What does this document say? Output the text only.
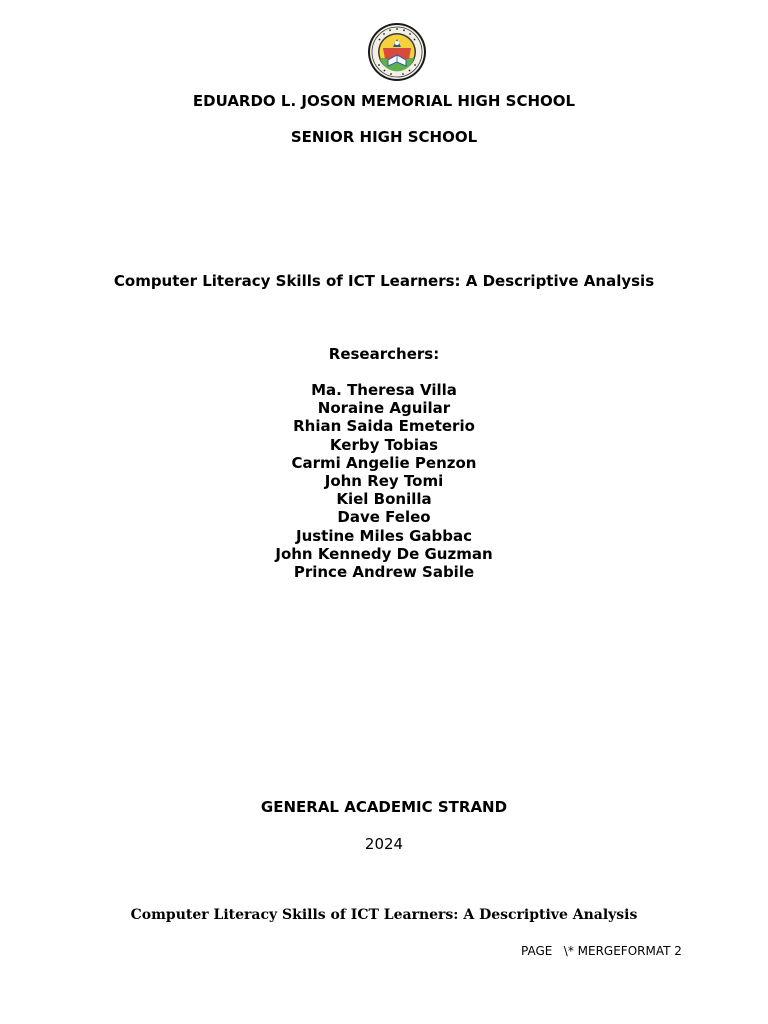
EDUARDO L. JOSON MEMORIAL HIGH SCHOOL
SENIOR HIGH SCHOOL
Computer Literacy Skills of ICT Learners: A Descriptive Analysis
Researchers:
Ma. Theresa Villa
Noraine Aguilar
Rhian Saida Emeterio
Kerby Tobias
Carmi Angelie Penzon
John Rey Tomi
Kiel Bonilla
Dave Feleo
Justine Miles Gabbac
John Kennedy De Guzman
Prince Andrew Sabile
GENERAL ACADEMIC STRAND
2024
Computer Literacy Skills of ICT Learners: A Descriptive Analysis
PAGE   \* MERGEFORMAT 2
